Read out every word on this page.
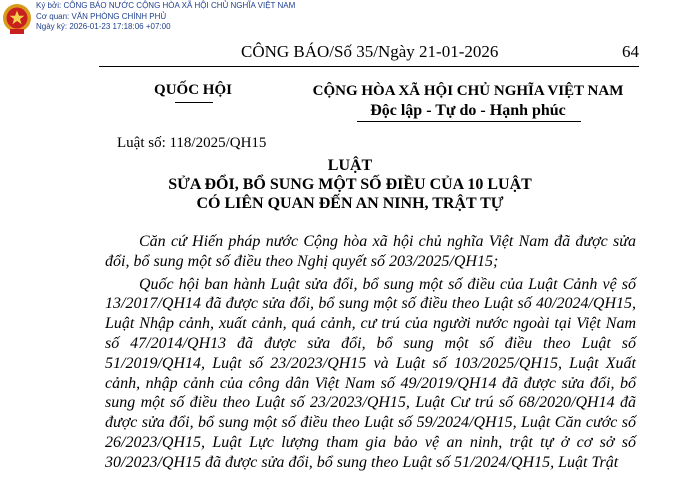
Ký bởi: CÔNG BÁO NƯỚC CỘNG HÒA XÃ HỘI CHỦ NGHĨA VIỆT NAM
Cơ quan: VĂN PHÒNG CHÍNH PHỦ
Ngày ký: 2026-01-23 17:18:06 +07:00
CÔNG BÁO/Số 35/Ngày 21-01-2026	64
QUỐC HỘI	CỘNG HÒA XÃ HỘI CHỦ NGHĨA VIỆT NAM
Độc lập - Tự do - Hạnh phúc
Luật số: 118/2025/QH15
LUẬT
SỬA ĐỔI, BỔ SUNG MỘT SỐ ĐIỀU CỦA 10 LUẬT
CÓ LIÊN QUAN ĐẾN AN NINH, TRẬT TỰ

Căn cứ Hiến pháp nước Cộng hòa xã hội chủ nghĩa Việt Nam đã được sửa đổi, bổ sung một số điều theo Nghị quyết số 203/2025/QH15;

Quốc hội ban hành Luật sửa đổi, bổ sung một số điều của Luật Cảnh vệ số 13/2017/QH14 đã được sửa đổi, bổ sung một số điều theo Luật số 40/2024/QH15, Luật Nhập cảnh, xuất cảnh, quá cảnh, cư trú của người nước ngoài tại Việt Nam số 47/2014/QH13 đã được sửa đổi, bổ sung một số điều theo Luật số 51/2019/QH14, Luật số 23/2023/QH15 và Luật số 103/2025/QH15, Luật Xuất cảnh, nhập cảnh của công dân Việt Nam số 49/2019/QH14 đã được sửa đổi, bổ sung một số điều theo Luật số 23/2023/QH15, Luật Cư trú số 68/2020/QH14 đã được sửa đổi, bổ sung một số điều theo Luật số 59/2024/QH15, Luật Căn cước số 26/2023/QH15, Luật Lực lượng tham gia bảo vệ an ninh, trật tự ở cơ sở số 30/2023/QH15 đã được sửa đổi, bổ sung theo Luật số 51/2024/QH15, Luật Trật
